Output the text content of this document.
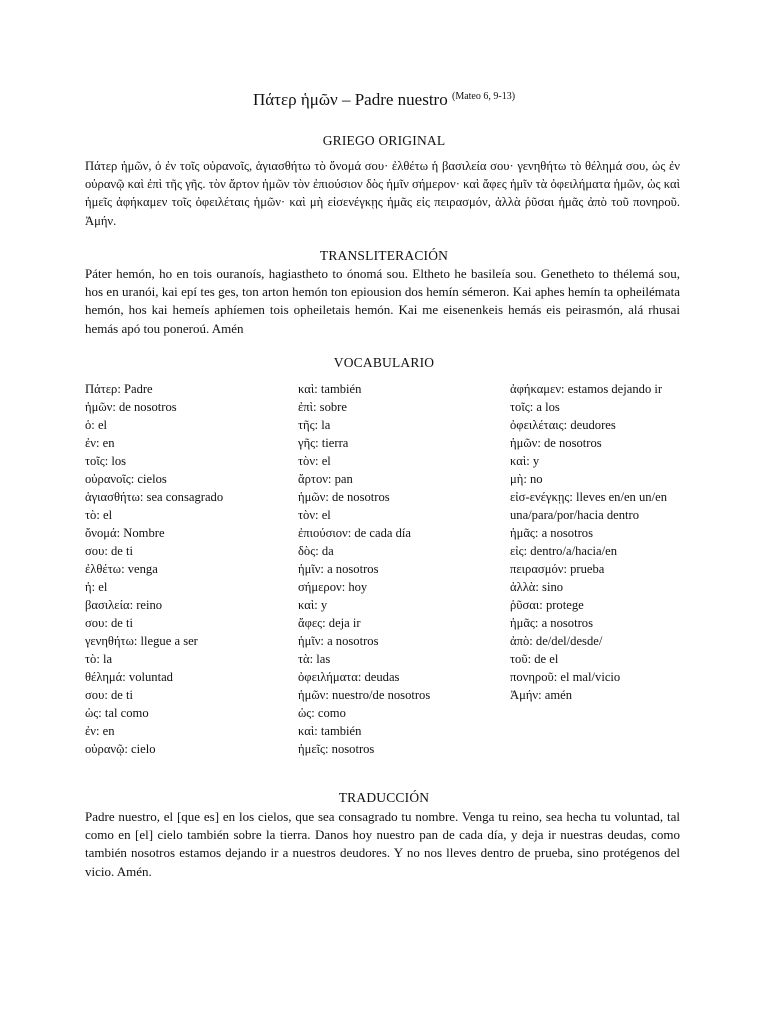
Πάτερ ἡμῶν – Padre nuestro $^{(Mateo 6, 9-13)}$
GRIEGO ORIGINAL
Πάτερ ἡμῶν, ὁ ἐν τοῖς οὐρανοῖς, ἁγιασθήτω τὸ ὄνομά σου· ἐλθέτω ἡ βασιλεία σου· γενηθήτω τὸ θέλημά σου, ὡς ἐν οὐρανῷ καὶ ἐπὶ τῆς γῆς. τὸν ἄρτον ἡμῶν τὸν ἐπιούσιον δὸς ἡμῖν σήμερον· καὶ ἄφες ἡμῖν τὰ ὀφειλήματα ἡμῶν, ὡς καὶ ἡμεῖς ἀφήκαμεν τοῖς ὀφειλέταις ἡμῶν· καὶ μὴ εἰσενέγκῃς ἡμᾶς εἰς πειρασμόν, ἀλλὰ ῥῦσαι ἡμᾶς ἀπὸ τοῦ πονηροῦ. Ἀμήν.
TRANSLITERACIÓN
Páter hemón, ho en tois ouranoís, hagiastheto to ónomá sou. Eltheto he basileía sou. Genetheto to thélemá sou, hos en uranói, kai epí tes ges, ton arton hemón ton epiousion dos hemín sémeron. Kai aphes hemín ta opheilémata hemón, hos kai hemeís aphíemen tois opheiletais hemón. Kai me eisenenkeis hemás eis peirasmón, alá rhusai hemás apó tou ponerоú. Amén
VOCABULARIO
Πάτερ: Padre
ἡμῶν: de nosotros
ὁ: el
ἐν: en
τοῖς: los
οὐρανοῖς: cielos
ἁγιασθήτω: sea consagrado
τὸ: el
ὄνομά: Nombre
σου: de ti
ἐλθέτω: venga
ἡ: el
βασιλεία: reino
σου: de ti
γενηθήτω: llegue a ser
τὸ: la
θέλημά: voluntad
σου: de ti
ὡς: tal como
ἐν: en
οὐρανῷ: cielo
καὶ: también
ἐπὶ: sobre
τῆς: la
γῆς: tierra
τὸν: el
ἄρτον: pan
ἡμῶν: de nosotros
τὸν: el
ἐπιούσιον: de cada día
δὸς: da
ἡμῖν: a nosotros
σήμερον: hoy
καὶ: y
ἄφες: deja ir
ἡμῖν: a nosotros
τὰ: las
ὀφειλήματα: deudas
ἡμῶν: nuestro/de nosotros
ὡς: como
καὶ: también
ἡμεῖς: nosotros
ἀφήκαμεν: estamos dejando ir
τοῖς: a los
ὀφειλέταις: deudores
ἡμῶν: de nosotros
καὶ: y
μὴ: no
εἰσ-ενέγκῃς: lleves en/en un/en una/para/por/hacia dentro
ἡμᾶς: a nosotros
εἰς: dentro/a/hacia/en
πειρασμόν: prueba
ἀλλὰ: sino
ῥῦσαι: protege
ἡμᾶς: a nosotros
ἀπὸ: de/del/desde/
τοῦ: de el
πονηροῦ: el mal/vicio
Ἀμήν: amén
TRADUCCIÓN
Padre nuestro, el [que es] en los cielos, que sea consagrado tu nombre. Venga tu reino, sea hecha tu voluntad, tal como en [el] cielo también sobre la tierra. Danos hoy nuestro pan de cada día, y deja ir nuestras deudas, como también nosotros estamos dejando ir a nuestros deudores. Y no nos lleves dentro de prueba, sino protégenos del vicio. Amén.
